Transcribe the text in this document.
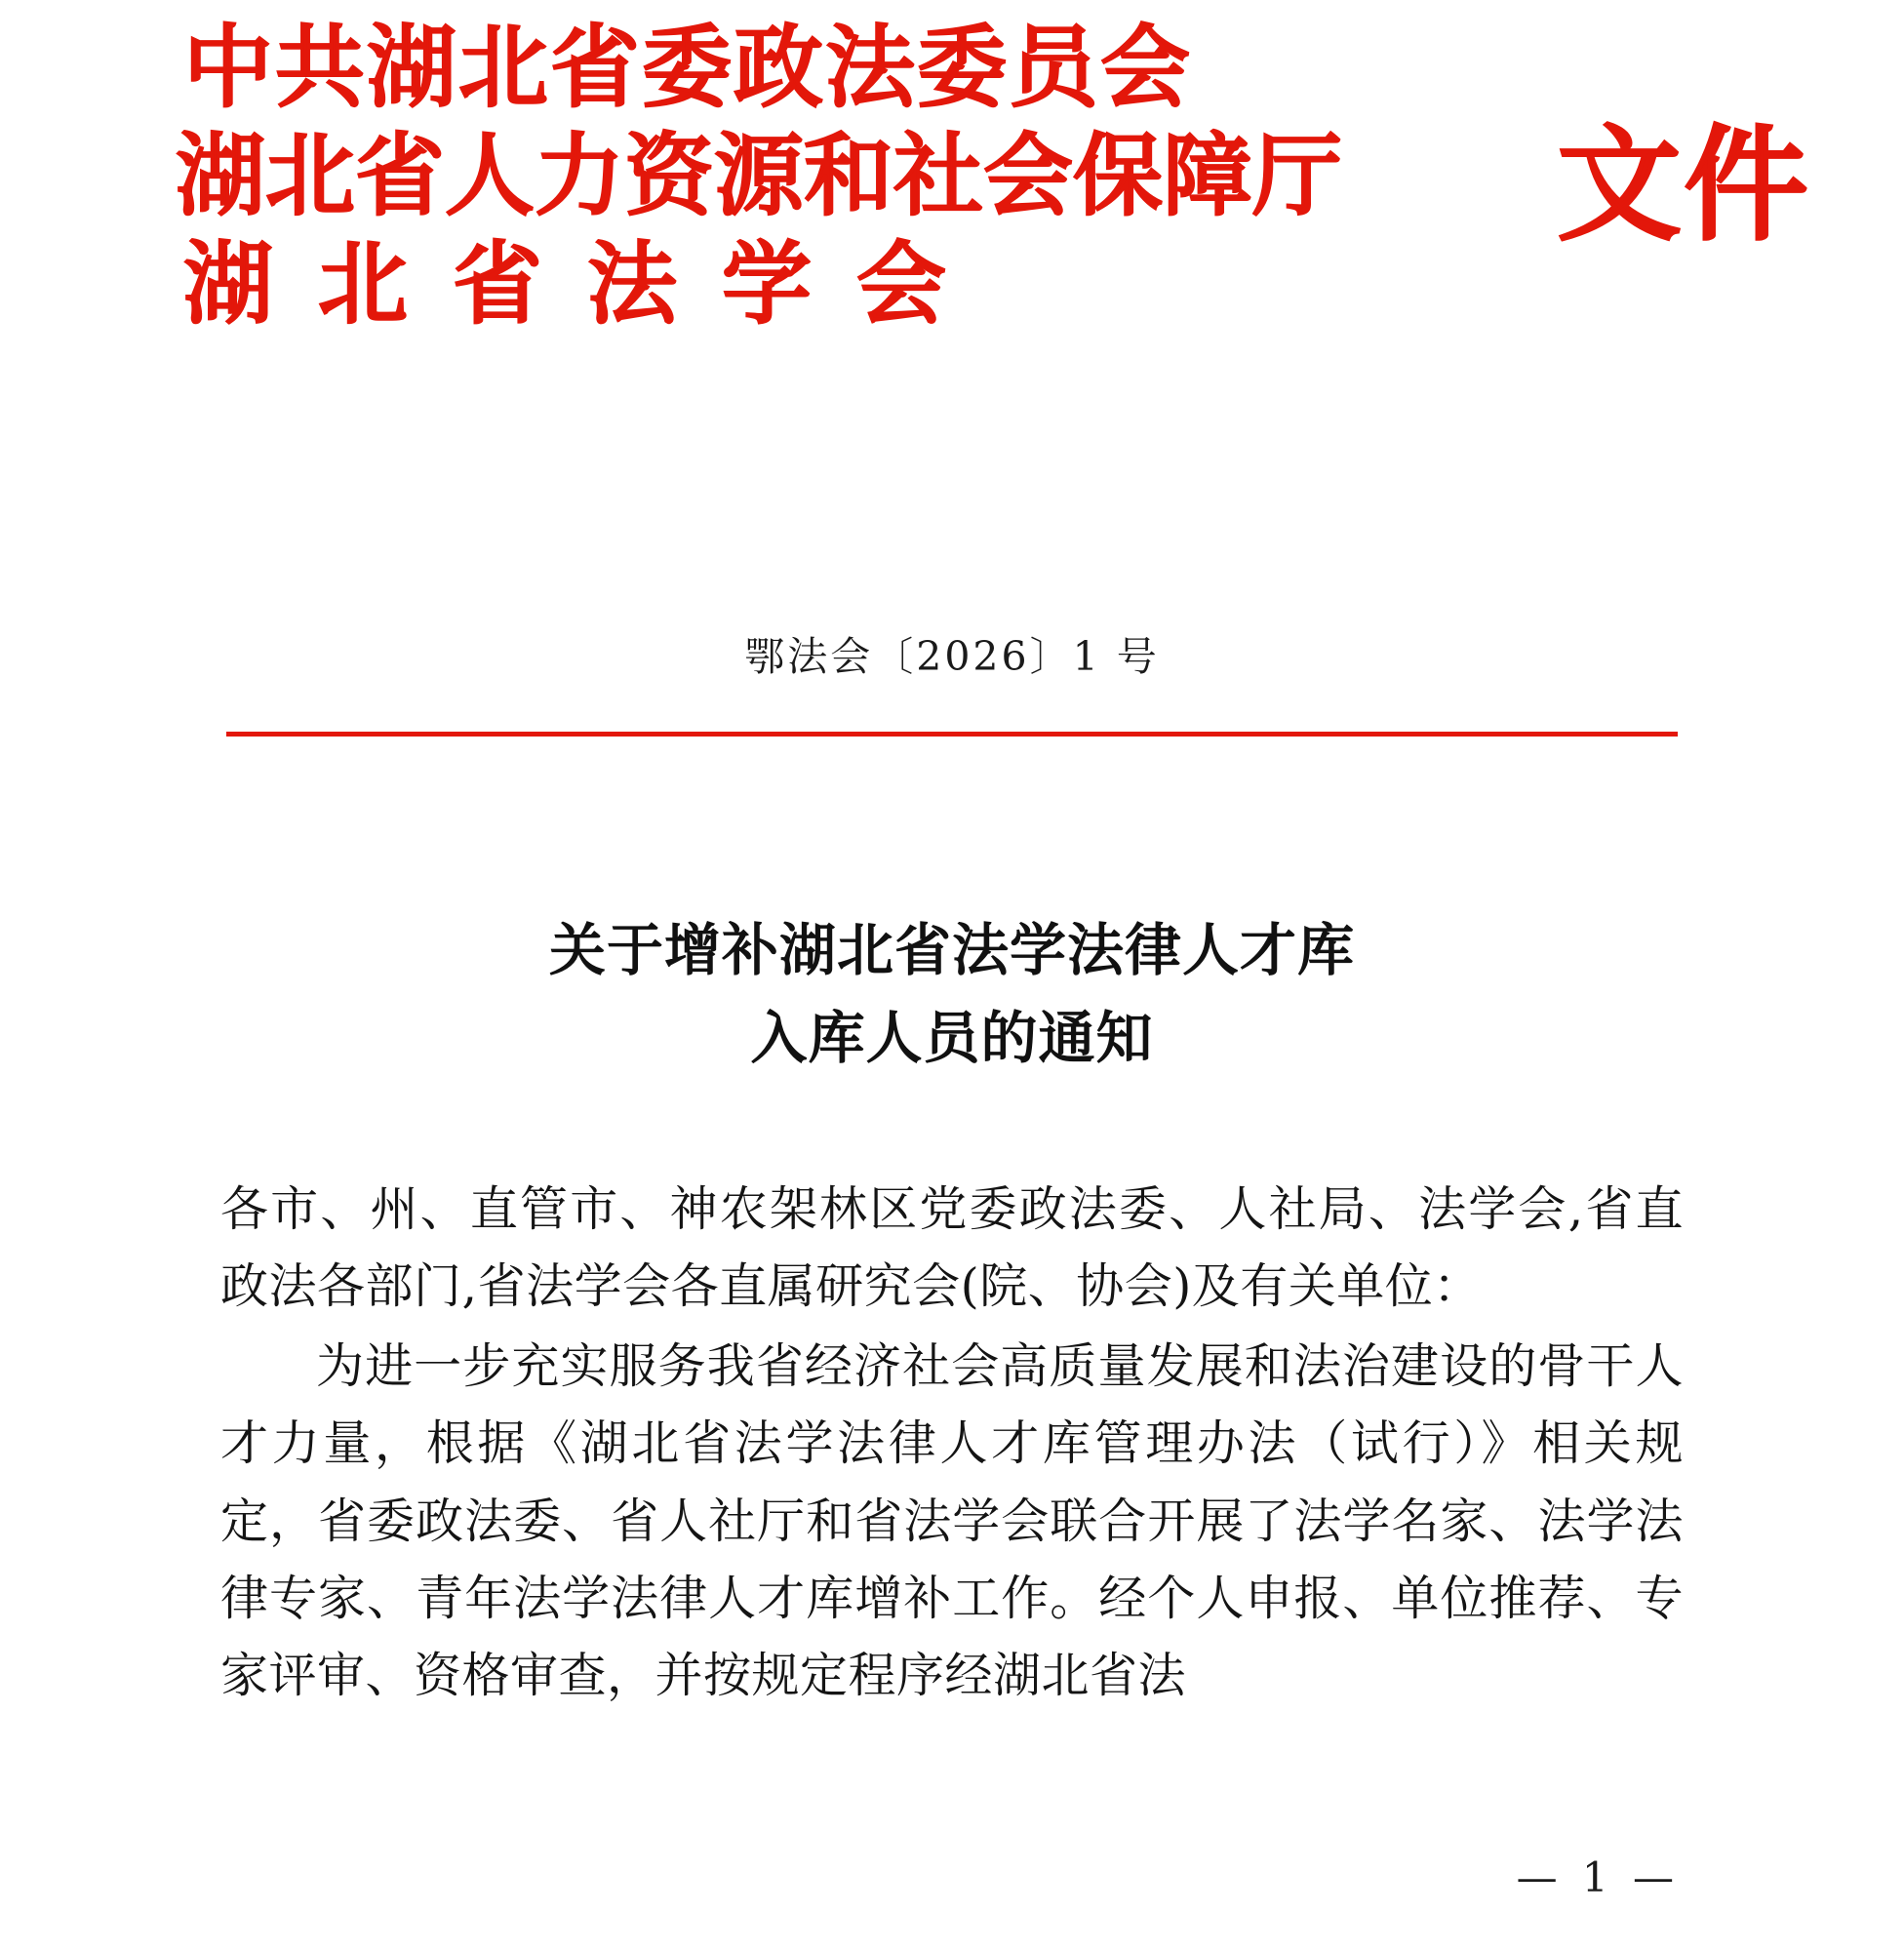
中共湖北省委政法委员会
湖北省人力资源和社会保障厅
湖北省法学会
文件
鄂法会〔2026〕1 号
关于增补湖北省法学法律人才库
入库人员的通知

各市、州、直管市、神农架林区党委政法委、人社局、法学会,省直政法各部门,省法学会各直属研究会(院、协会)及有关单位：

为进一步充实服务我省经济社会高质量发展和法治建设的骨干人才力量，根据《湖北省法学法律人才库管理办法（试行）》相关规定，省委政法委、省人社厅和省法学会联合开展了法学名家、法学法律专家、青年法学法律人才库增补工作。经个人申报、单位推荐、专家评审、资格审查，并按规定程序经湖北省法

— 1 —
